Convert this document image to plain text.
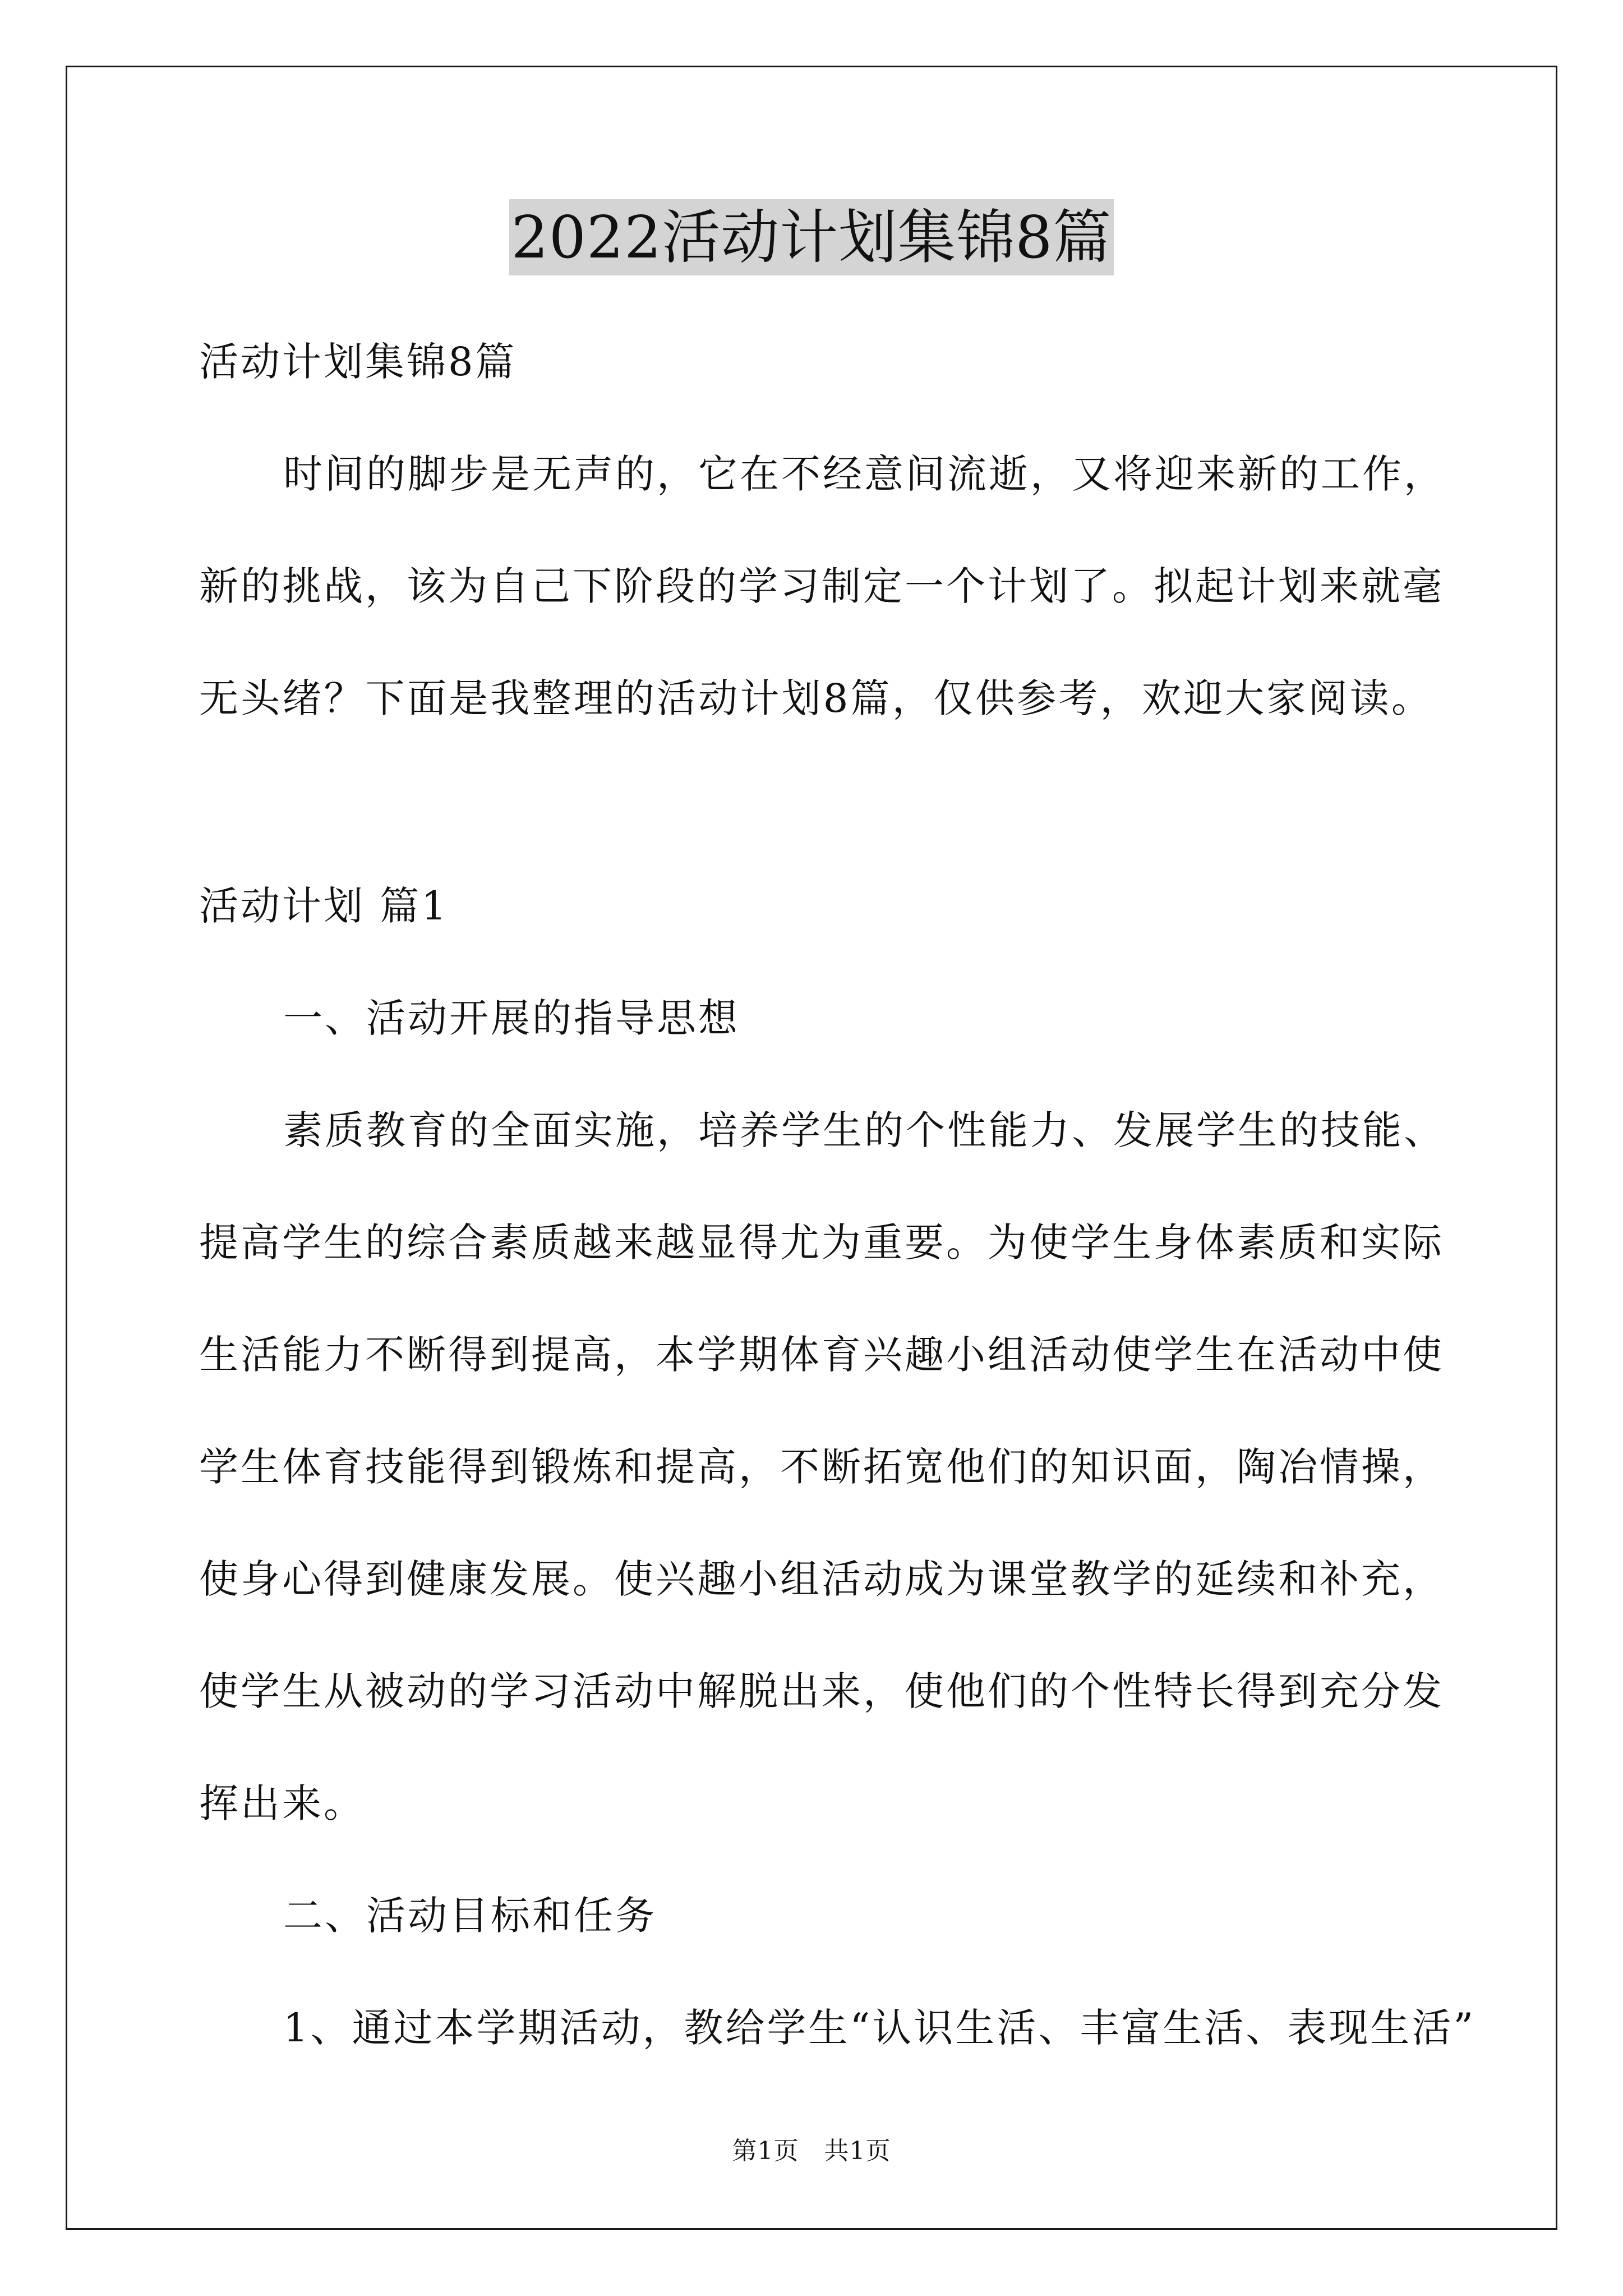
2022活动计划集锦8篇
活动计划集锦8篇
时间的脚步是无声的，它在不经意间流逝，又将迎来新的工作，
新的挑战，该为自己下阶段的学习制定一个计划了。拟起计划来就毫
无头绪？下面是我整理的活动计划8篇，仅供参考，欢迎大家阅读。
活动计划 篇1
一、活动开展的指导思想
素质教育的全面实施，培养学生的个性能力、发展学生的技能、
提高学生的综合素质越来越显得尤为重要。为使学生身体素质和实际
生活能力不断得到提高，本学期体育兴趣小组活动使学生在活动中使
学生体育技能得到锻炼和提高，不断拓宽他们的知识面，陶冶情操，
使身心得到健康发展。使兴趣小组活动成为课堂教学的延续和补充，
使学生从被动的学习活动中解脱出来，使他们的个性特长得到充分发
挥出来。
二、活动目标和任务
1、通过本学期活动，教给学生“认识生活、丰富生活、表现生活”
第1页　共1页
